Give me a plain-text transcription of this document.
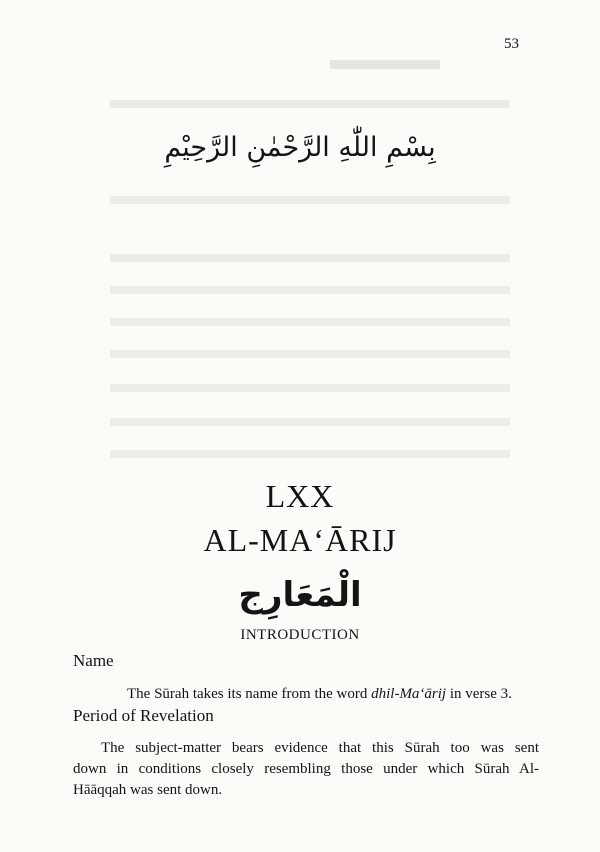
53
بِسْمِ اللّٰهِ الرَّحْمٰنِ الرَّحِيْمِ
LXX
AL-MA‘ĀRIJ
الْمَعَارِج
INTRODUCTION
Name

The Sūrah takes its name from the word dhil-Ma‘ārij in verse 3.

Period of Revelation
The subject-matter bears evidence that this Sūrah too was sent
down in conditions closely resembling those under which Sūrah Al-
Hāāqqah was sent down.
